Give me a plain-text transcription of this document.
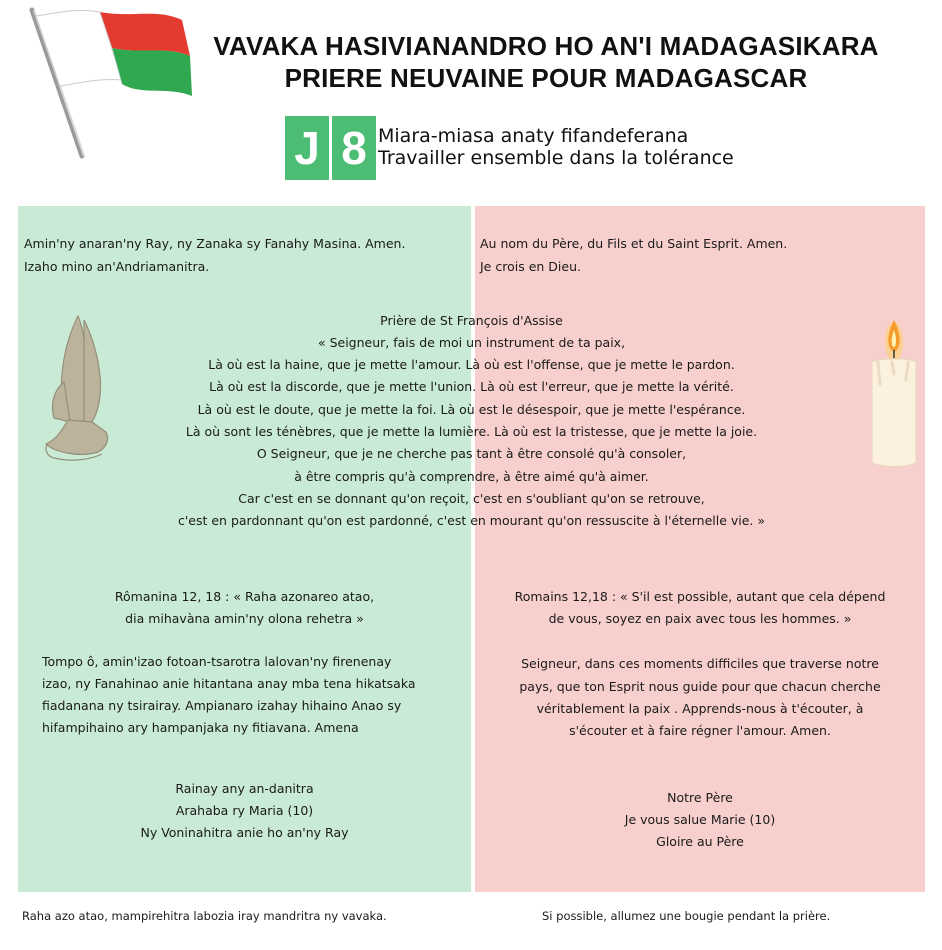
VAVAKA HASIVIANANDRO HO AN'I MADAGASIKARA
PRIERE NEUVAINE POUR MADAGASCAR
J 8 Miara-miasa anaty fifandeferana
Travailler ensemble dans la tolérance
Amin'ny anaran'ny Ray, ny Zanaka sy Fanahy Masina. Amen.
Izaho mino an'Andriamanitra.
Au nom du Père, du Fils et du Saint Esprit. Amen.
Je crois en Dieu.
Prière de St François d'Assise
« Seigneur, fais de moi un instrument de ta paix,
Là où est la haine, que je mette l'amour. Là où est l'offense, que je mette le pardon.
Là où est la discorde, que je mette l'union. Là où est l'erreur, que je mette la vérité.
Là où est le doute, que je mette la foi. Là où est le désespoir, que je mette l'espérance.
Là où sont les ténèbres, que je mette la lumière. Là où est la tristesse, que je mette la joie.
O Seigneur, que je ne cherche pas tant à être consolé qu'à consoler,
à être compris qu'à comprendre, à être aimé qu'à aimer.
Car c'est en se donnant qu'on reçoit, c'est en s'oubliant qu'on se retrouve,
c'est en pardonnant qu'on est pardonné, c'est en mourant qu'on ressuscite à l'éternelle vie. »
Rômanina 12, 18 : « Raha azonareo atao,
dia mihavàna amin'ny olona rehetra »
Romains 12,18 : « S'il est possible, autant que cela dépend
de vous, soyez en paix avec tous les hommes. »
Tompo ô, amin'izao fotoan-tsarotra lalovan'ny firenenay
izao, ny Fanahinao anie hitantana anay mba tena hikatsaka
fiadanana ny tsirairay. Ampianaro izahay hihaino Anao sy
hifampihaino ary hampanjaka ny fitiavana. Amena
Seigneur, dans ces moments difficiles que traverse notre
pays, que ton Esprit nous guide pour que chacun cherche
véritablement la paix . Apprends-nous à t'écouter, à
s'écouter et à faire régner l'amour. Amen.
Rainay any an-danitra
Arahaba ry Maria (10)
Ny Voninahitra anie ho an'ny Ray
Notre Père
Je vous salue Marie (10)
Gloire au Père
Raha azo atao, mampirehitra labozia iray mandritra ny vavaka.	Si possible, allumez une bougie pendant la prière.
